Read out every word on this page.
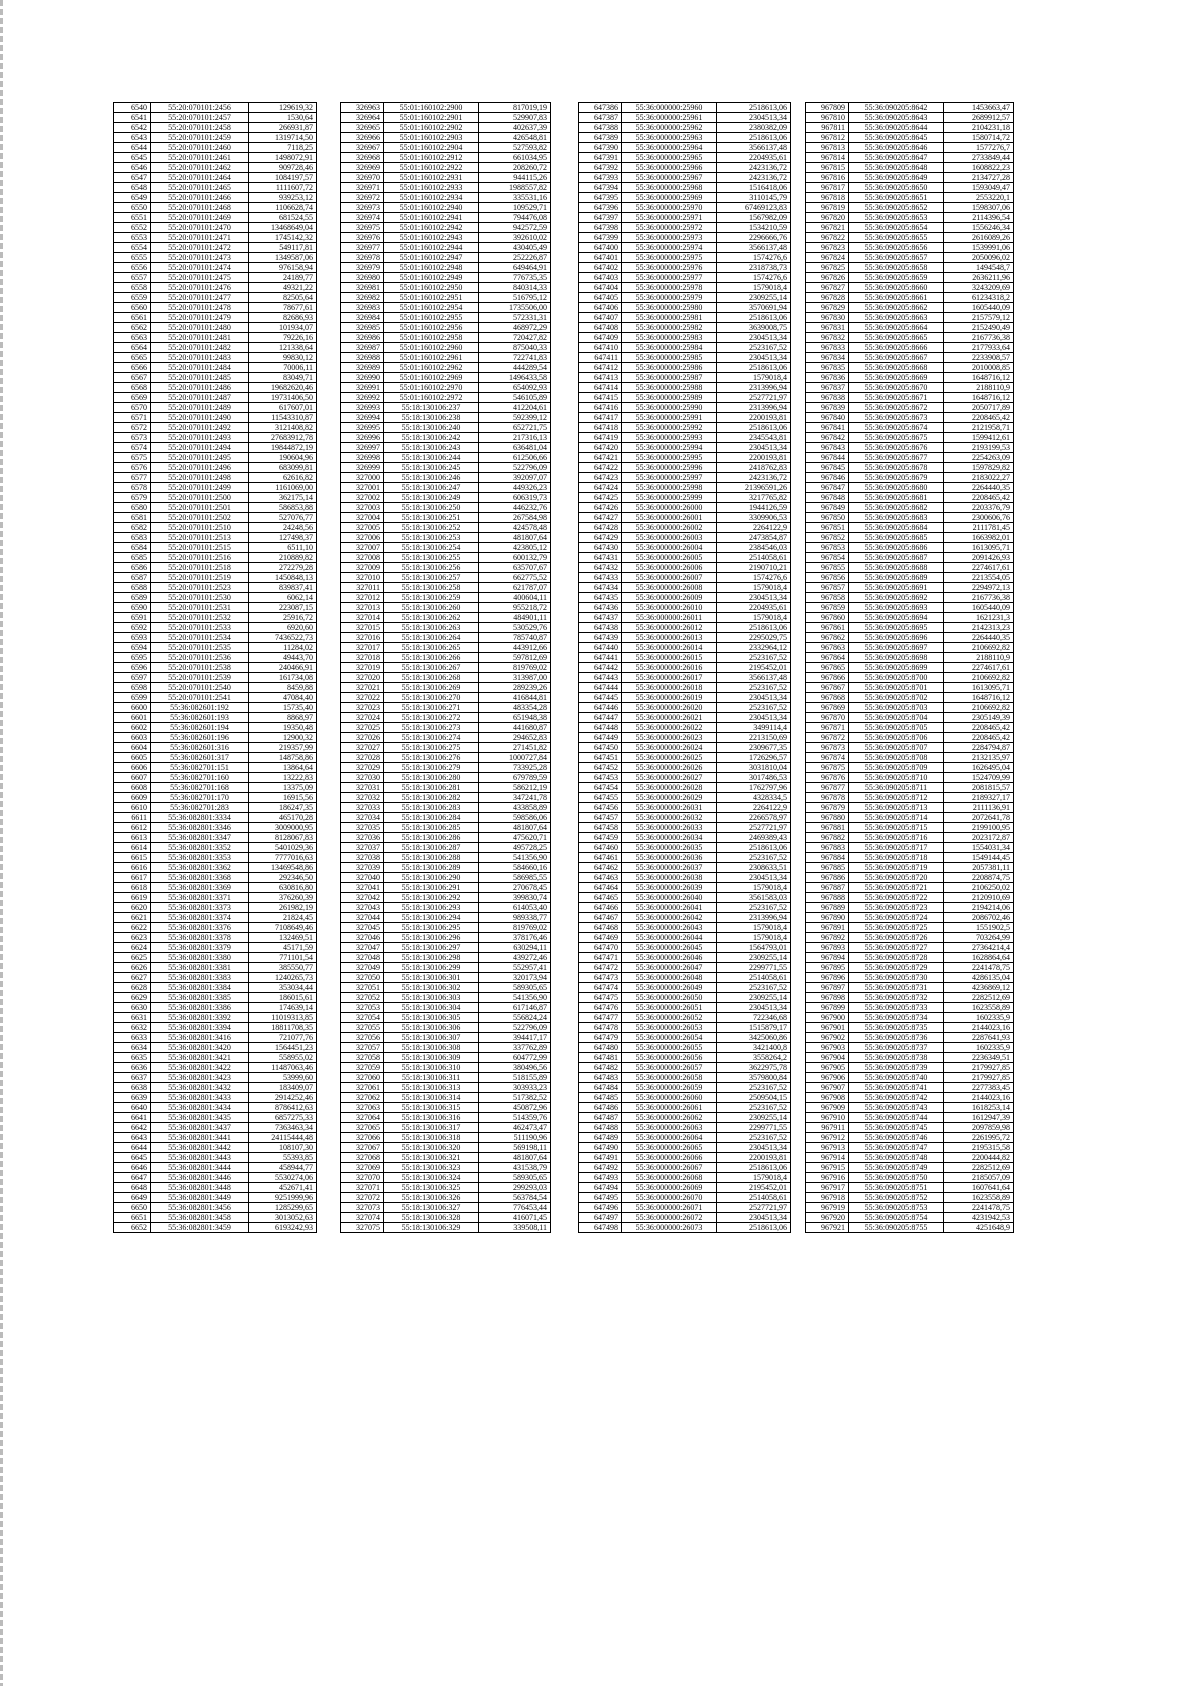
6540	55:20:070101:2456	129619,32
6541	55:20:070101:2457	1530,64
6542	55:20:070101:2458	266931,87
6543	55:20:070101:2459	1319714,50
6544	55:20:070101:2460	7118,25
6545	55:20:070101:2461	1498072,91
6546	55:20:070101:2462	909728,46
6547	55:20:070101:2464	1084197,57
6548	55:20:070101:2465	1111607,72
6549	55:20:070101:2466	939253,12
6550	55:20:070101:2468	1106628,74
6551	55:20:070101:2469	681524,55
6552	55:20:070101:2470	13468649,04
6553	55:20:070101:2471	1745142,32
6554	55:20:070101:2472	549117,81
6555	55:20:070101:2473	1349587,06
6556	55:20:070101:2474	976158,94
6557	55:20:070101:2475	24189,77
6558	55:20:070101:2476	49321,22
6559	55:20:070101:2477	82505,64
6560	55:20:070101:2478	78677,61
6561	55:20:070101:2479	82686,93
6562	55:20:070101:2480	101934,07
6563	55:20:070101:2481	79226,16
6564	55:20:070101:2482	121338,64
6565	55:20:070101:2483	99830,12
6566	55:20:070101:2484	70006,11
6567	55:20:070101:2485	83049,71
6568	55:20:070101:2486	19682620,46
6569	55:20:070101:2487	19731406,50
6570	55:20:070101:2489	617607,01
6571	55:20:070101:2490	11543310,87
6572	55:20:070101:2492	3121408,82
6573	55:20:070101:2493	27683912,78
6574	55:20:070101:2494	19844872,19
6575	55:20:070101:2495	190604,96
6576	55:20:070101:2496	683099,81
6577	55:20:070101:2498	62616,82
6578	55:20:070101:2499	1161069,00
6579	55:20:070101:2500	362175,14
6580	55:20:070101:2501	586853,88
6581	55:20:070101:2502	527076,77
6582	55:20:070101:2510	24248,56
6583	55:20:070101:2513	127498,37
6584	55:20:070101:2515	6511,10
6585	55:20:070101:2516	210889,82
6586	55:20:070101:2518	272279,28
6587	55:20:070101:2519	1450848,13
6588	55:20:070101:2523	839837,41
6589	55:20:070101:2530	6062,14
6590	55:20:070101:2531	223087,15
6591	55:20:070101:2532	25916,72
6592	55:20:070101:2533	6920,60
6593	55:20:070101:2534	7436522,73
6594	55:20:070101:2535	11284,02
6595	55:20:070101:2536	49443,70
6596	55:20:070101:2538	240466,91
6597	55:20:070101:2539	161734,08
6598	55:20:070101:2540	8459,88
6599	55:20:070101:2541	47084,40
6600	55:36:082601:192	15735,40
6601	55:36:082601:193	8868,97
6602	55:36:082601:194	19350,48
6603	55:36:082601:196	12900,32
6604	55:36:082601:316	219357,99
6605	55:36:082601:317	148758,86
6606	55:36:082701:151	13864,64
6607	55:36:082701:160	13222,83
6608	55:36:082701:168	13375,09
6609	55:36:082701:170	16915,56
6610	55:36:082701:283	186247,35
6611	55:36:082801:3334	465170,28
6612	55:36:082801:3346	3009000,95
6613	55:36:082801:3347	8128067,83
6614	55:36:082801:3352	5401029,36
6615	55:36:082801:3353	7777016,63
6616	55:36:082801:3362	13469548,86
6617	55:36:082801:3368	292346,50
6618	55:36:082801:3369	630816,80
6619	55:36:082801:3371	376260,39
6620	55:36:082801:3373	261982,19
6621	55:36:082801:3374	21824,45
6622	55:36:082801:3376	7108649,46
6623	55:36:082801:3378	132469,51
6624	55:36:082801:3379	45171,59
6625	55:36:082801:3380	771101,54
6626	55:36:082801:3381	385550,77
6627	55:36:082801:3383	1240265,73
6628	55:36:082801:3384	353034,44
6629	55:36:082801:3385	186015,61
6630	55:36:082801:3386	174639,14
6631	55:36:082801:3392	11019313,85
6632	55:36:082801:3394	18811708,35
6633	55:36:082801:3416	721077,76
6634	55:36:082801:3420	1564451,23
6635	55:36:082801:3421	558955,02
6636	55:36:082801:3422	11487063,46
6637	55:36:082801:3423	53999,60
6638	55:36:082801:3432	183409,07
6639	55:36:082801:3433	2914252,46
6640	55:36:082801:3434	8786412,63
6641	55:36:082801:3435	6857275,33
6642	55:36:082801:3437	7363463,34
6643	55:36:082801:3441	24115444,48
6644	55:36:082801:3442	108107,30
6645	55:36:082801:3443	55393,85
6646	55:36:082801:3444	458944,77
6647	55:36:082801:3446	5530274,06
6648	55:36:082801:3448	452671,41
6649	55:36:082801:3449	9251999,96
6650	55:36:082801:3456	1285299,65
6651	55:36:082801:3458	3013052,63
6652	55:36:082801:3459	6193242,93
326963	55:01:160102:2900	817019,19
326964	55:01:160102:2901	529907,83
326965	55:01:160102:2902	402637,39
326966	55:01:160102:2903	426548,81
326967	55:01:160102:2904	527593,82
326968	55:01:160102:2912	661034,95
326969	55:01:160102:2922	208260,72
326970	55:01:160102:2931	944115,26
326971	55:01:160102:2933	1988557,82
326972	55:01:160102:2934	335531,16
326973	55:01:160102:2940	109529,71
326974	55:01:160102:2941	794476,08
326975	55:01:160102:2942	942572,59
326976	55:01:160102:2943	392610,02
326977	55:01:160102:2944	430405,49
326978	55:01:160102:2947	252226,87
326979	55:01:160102:2948	649464,91
326980	55:01:160102:2949	776735,35
326981	55:01:160102:2950	840314,33
326982	55:01:160102:2951	516795,12
326983	55:01:160102:2954	1735506,00
326984	55:01:160102:2955	572331,31
326985	55:01:160102:2956	468972,29
326986	55:01:160102:2958	720427,82
326987	55:01:160102:2960	875040,33
326988	55:01:160102:2961	722741,83
326989	55:01:160102:2962	444289,54
326990	55:01:160102:2969	1496433,58
326991	55:01:160102:2970	654092,93
326992	55:01:160102:2972	546105,89
326993	55:18:130106:237	412204,61
326994	55:18:130106:238	592399,12
326995	55:18:130106:240	652721,75
326996	55:18:130106:242	217316,13
326997	55:18:130106:243	636481,04
326998	55:18:130106:244	612506,66
326999	55:18:130106:245	522796,09
327000	55:18:130106:246	392097,07
327001	55:18:130106:247	449326,23
327002	55:18:130106:249	606319,73
327003	55:18:130106:250	446232,76
327004	55:18:130106:251	267584,98
327005	55:18:130106:252	424578,48
327006	55:18:130106:253	481807,64
327007	55:18:130106:254	423805,12
327008	55:18:130106:255	600132,79
327009	55:18:130106:256	635707,67
327010	55:18:130106:257	662775,52
327011	55:18:130106:258	621787,07
327012	55:18:130106:259	400604,11
327013	55:18:130106:260	955218,72
327014	55:18:130106:262	484901,11
327015	55:18:130106:263	530529,76
327016	55:18:130106:264	785740,87
327017	55:18:130106:265	443912,66
327018	55:18:130106:266	597812,69
327019	55:18:130106:267	819769,02
327020	55:18:130106:268	313987,00
327021	55:18:130106:269	289239,26
327022	55:18:130106:270	416844,81
327023	55:18:130106:271	483354,28
327024	55:18:130106:272	651948,38
327025	55:18:130106:273	441680,87
327026	55:18:130106:274	294652,83
327027	55:18:130106:275	271451,82
327028	55:18:130106:276	1000727,84
327029	55:18:130106:279	733925,28
327030	55:18:130106:280	679789,59
327031	55:18:130106:281	586212,19
327032	55:18:130106:282	347241,78
327033	55:18:130106:283	433858,89
327034	55:18:130106:284	598586,06
327035	55:18:130106:285	481807,64
327036	55:18:130106:286	475620,71
327037	55:18:130106:287	495728,25
327038	55:18:130106:288	541356,90
327039	55:18:130106:289	584660,16
327040	55:18:130106:290	586985,55
327041	55:18:130106:291	270678,45
327042	55:18:130106:292	399830,74
327043	55:18:130106:293	614053,40
327044	55:18:130106:294	989338,77
327045	55:18:130106:295	819769,02
327046	55:18:130106:296	378176,46
327047	55:18:130106:297	630294,11
327048	55:18:130106:298	439272,46
327049	55:18:130106:299	552957,41
327050	55:18:130106:301	320173,94
327051	55:18:130106:302	589305,65
327052	55:18:130106:303	541356,90
327053	55:18:130106:304	617146,87
327054	55:18:130106:305	556824,24
327055	55:18:130106:306	522796,09
327056	55:18:130106:307	394417,17
327057	55:18:130106:308	337762,89
327058	55:18:130106:309	604772,99
327059	55:18:130106:310	380496,56
327060	55:18:130106:311	518155,89
327061	55:18:130106:313	303933,23
327062	55:18:130106:314	517382,52
327063	55:18:130106:315	450872,96
327064	55:18:130106:316	514359,76
327065	55:18:130106:317	462473,47
327066	55:18:130106:318	511190,96
327067	55:18:130106:320	569198,11
327068	55:18:130106:321	481807,64
327069	55:18:130106:323	431538,79
327070	55:18:130106:324	589305,65
327071	55:18:130106:325	299293,03
327072	55:18:130106:326	563784,54
327073	55:18:130106:327	776453,44
327074	55:18:130106:328	416071,45
327075	55:18:130106:329	339508,11
647386	55:36:000000:25960	2518613,06
647387	55:36:000000:25961	2304513,34
647388	55:36:000000:25962	2380382,09
647389	55:36:000000:25963	2518613,06
647390	55:36:000000:25964	3566137,48
647391	55:36:000000:25965	2204935,61
647392	55:36:000000:25966	2423136,72
647393	55:36:000000:25967	2423136,72
647394	55:36:000000:25968	1516418,06
647395	55:36:000000:25969	3110145,79
647396	55:36:000000:25970	67469123,83
647397	55:36:000000:25971	1567982,09
647398	55:36:000000:25972	1534210,59
647399	55:36:000000:25973	2296666,76
647400	55:36:000000:25974	3566137,48
647401	55:36:000000:25975	1574276,6
647402	55:36:000000:25976	2318738,73
647403	55:36:000000:25977	1574276,6
647404	55:36:000000:25978	1579018,4
647405	55:36:000000:25979	2309255,14
647406	55:36:000000:25980	3570691,94
647407	55:36:000000:25981	2518613,06
647408	55:36:000000:25982	3639008,75
647409	55:36:000000:25983	2304513,34
647410	55:36:000000:25984	2523167,52
647411	55:36:000000:25985	2304513,34
647412	55:36:000000:25986	2518613,06
647413	55:36:000000:25987	1579018,4
647414	55:36:000000:25988	2313996,94
647415	55:36:000000:25989	2527721,97
647416	55:36:000000:25990	2313996,94
647417	55:36:000000:25991	2200193,81
647418	55:36:000000:25992	2518613,06
647419	55:36:000000:25993	2345543,81
647420	55:36:000000:25994	2304513,34
647421	55:36:000000:25995	2200193,81
647422	55:36:000000:25996	2418762,83
647423	55:36:000000:25997	2423136,72
647424	55:36:000000:25998	21396591,26
647425	55:36:000000:25999	3217765,82
647426	55:36:000000:26000	1944126,59
647427	55:36:000000:26001	3309906,53
647428	55:36:000000:26002	2264122,9
647429	55:36:000000:26003	2473854,87
647430	55:36:000000:26004	2384546,03
647431	55:36:000000:26005	2514058,61
647432	55:36:000000:26006	2190710,21
647433	55:36:000000:26007	1574276,6
647434	55:36:000000:26008	1579018,4
647435	55:36:000000:26009	2304513,34
647436	55:36:000000:26010	2204935,61
647437	55:36:000000:26011	1579018,4
647438	55:36:000000:26012	2518613,06
647439	55:36:000000:26013	2295029,75
647440	55:36:000000:26014	2332964,12
647441	55:36:000000:26015	2523167,52
647442	55:36:000000:26016	2195452,01
647443	55:36:000000:26017	3566137,48
647444	55:36:000000:26018	2523167,52
647445	55:36:000000:26019	2304513,34
647446	55:36:000000:26020	2523167,52
647447	55:36:000000:26021	2304513,34
647448	55:36:000000:26022	3499114,4
647449	55:36:000000:26023	2213150,69
647450	55:36:000000:26024	2309677,35
647451	55:36:000000:26025	1726296,57
647452	55:36:000000:26026	3031810,04
647453	55:36:000000:26027	3017486,53
647454	55:36:000000:26028	1762797,96
647455	55:36:000000:26029	4328334,5
647456	55:36:000000:26031	2264122,9
647457	55:36:000000:26032	2266578,97
647458	55:36:000000:26033	2527721,97
647459	55:36:000000:26034	2469389,43
647460	55:36:000000:26035	2518613,06
647461	55:36:000000:26036	2523167,52
647462	55:36:000000:26037	2308633,51
647463	55:36:000000:26038	2304513,34
647464	55:36:000000:26039	1579018,4
647465	55:36:000000:26040	3561583,03
647466	55:36:000000:26041	2523167,52
647467	55:36:000000:26042	2313996,94
647468	55:36:000000:26043	1579018,4
647469	55:36:000000:26044	1579018,4
647470	55:36:000000:26045	1564793,01
647471	55:36:000000:26046	2309255,14
647472	55:36:000000:26047	2299771,55
647473	55:36:000000:26048	2514058,61
647474	55:36:000000:26049	2523167,52
647475	55:36:000000:26050	2309255,14
647476	55:36:000000:26051	2304513,34
647477	55:36:000000:26052	722346,68
647478	55:36:000000:26053	1515879,17
647479	55:36:000000:26054	3425060,86
647480	55:36:000000:26055	3421400,8
647481	55:36:000000:26056	3558264,2
647482	55:36:000000:26057	3622975,78
647483	55:36:000000:26058	3579800,84
647484	55:36:000000:26059	2523167,52
647485	55:36:000000:26060	2509504,15
647486	55:36:000000:26061	2523167,52
647487	55:36:000000:26062	2309255,14
647488	55:36:000000:26063	2299771,55
647489	55:36:000000:26064	2523167,52
647490	55:36:000000:26065	2304513,34
647491	55:36:000000:26066	2200193,81
647492	55:36:000000:26067	2518613,06
647493	55:36:000000:26068	1579018,4
647494	55:36:000000:26069	2195452,01
647495	55:36:000000:26070	2514058,61
647496	55:36:000000:26071	2527721,97
647497	55:36:000000:26072	2304513,34
647498	55:36:000000:26073	2518613,06
967809	55:36:090205:8642	1453663,47
967810	55:36:090205:8643	2689912,57
967811	55:36:090205:8644	2104231,18
967812	55:36:090205:8645	1580714,72
967813	55:36:090205:8646	1577276,7
967814	55:36:090205:8647	2733849,44
967815	55:36:090205:8648	1608822,23
967816	55:36:090205:8649	2134727,28
967817	55:36:090205:8650	1593049,47
967818	55:36:090205:8651	2553220,1
967819	55:36:090205:8652	1598307,06
967820	55:36:090205:8653	2114396,54
967821	55:36:090205:8654	1556246,34
967822	55:36:090205:8655	2616089,26
967823	55:36:090205:8656	1539991,06
967824	55:36:090205:8657	2050096,02
967825	55:36:090205:8658	1494548,7
967826	55:36:090205:8659	2636211,96
967827	55:36:090205:8660	3243209,69
967828	55:36:090205:8661	61234318,2
967829	55:36:090205:8662	1605440,09
967830	55:36:090205:8663	2157579,12
967831	55:36:090205:8664	2152490,49
967832	55:36:090205:8665	2167736,38
967833	55:36:090205:8666	2177933,64
967834	55:36:090205:8667	2233908,57
967835	55:36:090205:8668	2010008,85
967836	55:36:090205:8669	1648716,12
967837	55:36:090205:8670	2188110,9
967838	55:36:090205:8671	1648716,12
967839	55:36:090205:8672	2050717,89
967840	55:36:090205:8673	2208465,42
967841	55:36:090205:8674	2121958,71
967842	55:36:090205:8675	1599412,61
967843	55:36:090205:8676	2193199,53
967844	55:36:090205:8677	2254263,09
967845	55:36:090205:8678	1597829,82
967846	55:36:090205:8679	2183022,27
967847	55:36:090205:8680	2264440,35
967848	55:36:090205:8681	2208465,42
967849	55:36:090205:8682	2203376,79
967850	55:36:090205:8683	2300606,76
967851	55:36:090205:8684	2111781,45
967852	55:36:090205:8685	1663982,01
967853	55:36:090205:8686	1613095,71
967854	55:36:090205:8687	2091426,93
967855	55:36:090205:8688	2274617,61
967856	55:36:090205:8689	2213554,05
967857	55:36:090205:8691	2294972,13
967858	55:36:090205:8692	2167736,38
967859	55:36:090205:8693	1605440,09
967860	55:36:090205:8694	1621231,3
967861	55:36:090205:8695	2142313,23
967862	55:36:090205:8696	2264440,35
967863	55:36:090205:8697	2106692,82
967864	55:36:090205:8698	2188110,9
967865	55:36:090205:8699	2274617,61
967866	55:36:090205:8700	2106692,82
967867	55:36:090205:8701	1613095,71
967868	55:36:090205:8702	1648716,12
967869	55:36:090205:8703	2106692,82
967870	55:36:090205:8704	2305149,39
967871	55:36:090205:8705	2208465,42
967872	55:36:090205:8706	2208465,42
967873	55:36:090205:8707	2284794,87
967874	55:36:090205:8708	2132135,97
967875	55:36:090205:8709	1626495,04
967876	55:36:090205:8710	1524709,99
967877	55:36:090205:8711	2081815,57
967878	55:36:090205:8712	2189327,17
967879	55:36:090205:8713	2111136,91
967880	55:36:090205:8714	2072641,78
967881	55:36:090205:8715	2199100,95
967882	55:36:090205:8716	2023172,87
967883	55:36:090205:8717	1554031,34
967884	55:36:090205:8718	1549144,45
967885	55:36:090205:8719	2057381,11
967886	55:36:090205:8720	2208874,75
967887	55:36:090205:8721	2106250,02
967888	55:36:090205:8722	2120910,69
967889	55:36:090205:8723	2194214,06
967890	55:36:090205:8724	2086702,46
967891	55:36:090205:8725	1551902,5
967892	55:36:090205:8726	703264,99
967893	55:36:090205:8727	27364214,4
967894	55:36:090205:8728	1628864,64
967895	55:36:090205:8729	2241478,75
967896	55:36:090205:8730	4286135,04
967897	55:36:090205:8731	4236869,12
967898	55:36:090205:8732	2282512,69
967899	55:36:090205:8733	1623558,89
967900	55:36:090205:8734	1602335,9
967901	55:36:090205:8735	2144023,16
967902	55:36:090205:8736	2287641,93
967903	55:36:090205:8737	1602335,9
967904	55:36:090205:8738	2236349,51
967905	55:36:090205:8739	2179927,85
967906	55:36:090205:8740	2179927,85
967907	55:36:090205:8741	2277383,45
967908	55:36:090205:8742	2144023,16
967909	55:36:090205:8743	1618253,14
967910	55:36:090205:8744	1612947,39
967911	55:36:090205:8745	2097859,98
967912	55:36:090205:8746	2261995,72
967913	55:36:090205:8747	2195315,58
967914	55:36:090205:8748	2200444,82
967915	55:36:090205:8749	2282512,69
967916	55:36:090205:8750	2185057,09
967917	55:36:090205:8751	1607641,64
967918	55:36:090205:8752	1623558,89
967919	55:36:090205:8753	2241478,75
967920	55:36:090205:8754	4231942,53
967921	55:36:090205:8755	4251648,9
